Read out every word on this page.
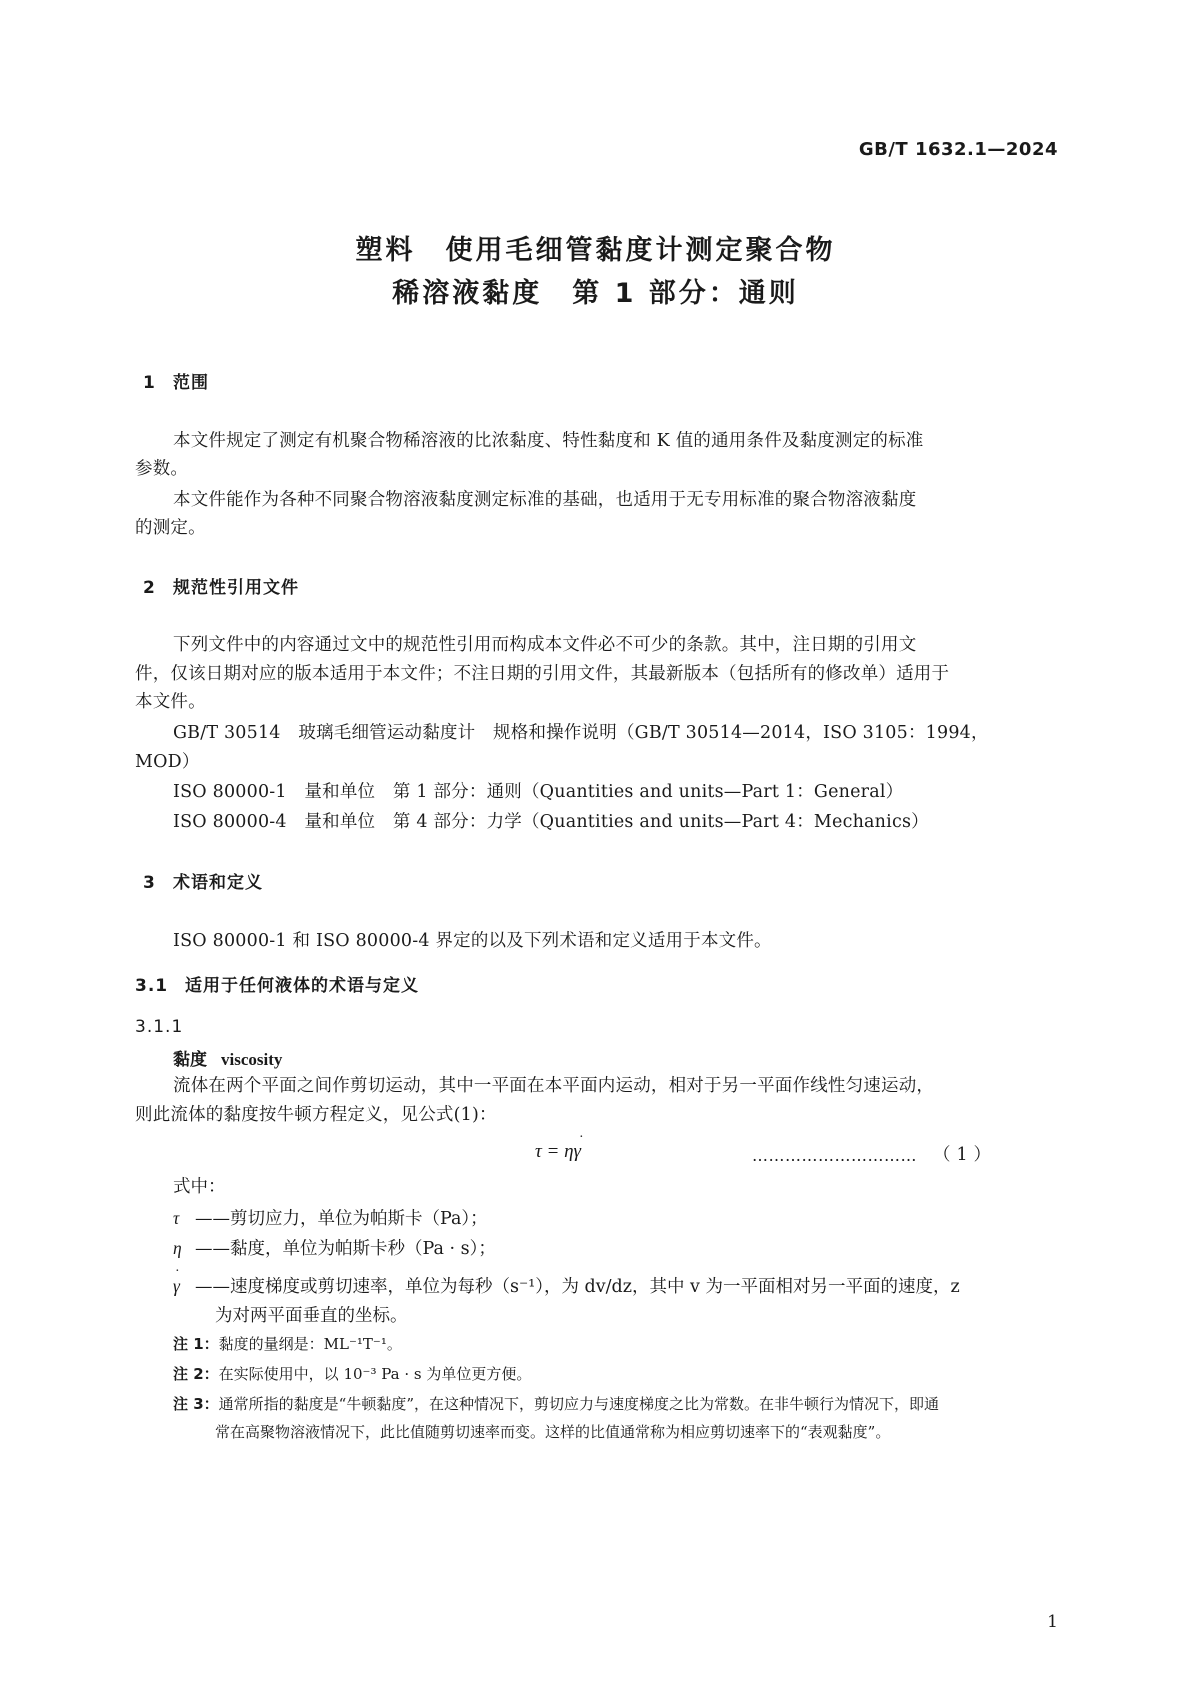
GB/T 1632.1—2024
塑料　使用毛细管黏度计测定聚合物
稀溶液黏度　第 1 部分：通则
1 范围
本文件规定了测定有机聚合物稀溶液的比浓黏度、特性黏度和 K 值的通用条件及黏度测定的标准
参数。
本文件能作为各种不同聚合物溶液黏度测定标准的基础，也适用于无专用标准的聚合物溶液黏度
的测定。
2 规范性引用文件
下列文件中的内容通过文中的规范性引用而构成本文件必不可少的条款。其中，注日期的引用文
件，仅该日期对应的版本适用于本文件；不注日期的引用文件，其最新版本（包括所有的修改单）适用于
本文件。
GB/T 30514　玻璃毛细管运动黏度计　规格和操作说明（GB/T 30514—2014，ISO 3105：1994，
MOD）
ISO 80000-1　量和单位　第 1 部分：通则（Quantities and units—Part 1：General）
ISO 80000-4　量和单位　第 4 部分：力学（Quantities and units—Part 4：Mechanics）
3 术语和定义
ISO 80000-1 和 ISO 80000-4 界定的以及下列术语和定义适用于本文件。
3.1 适用于任何液体的术语与定义
3.1.1
黏度 viscosity
流体在两个平面之间作剪切运动，其中一平面在本平面内运动，相对于另一平面作线性匀速运动，
则此流体的黏度按牛顿方程定义，见公式(1)：
τ = ηγ
·
………………………… （ 1 ）
式中：
τ ——剪切应力，单位为帕斯卡（Pa）；
η ——黏度，单位为帕斯卡秒（Pa · s）；
γ
·
——速度梯度或剪切速率，单位为每秒（s⁻¹），为 dv/dz，其中 v 为一平面相对另一平面的速度，z
为对两平面垂直的坐标。
注 1：黏度的量纲是：ML⁻¹T⁻¹。
注 2：在实际使用中，以 10⁻³ Pa · s 为单位更方便。
注 3：通常所指的黏度是“牛顿黏度”，在这种情况下，剪切应力与速度梯度之比为常数。在非牛顿行为情况下，即通
常在高聚物溶液情况下，此比值随剪切速率而变。这样的比值通常称为相应剪切速率下的“表观黏度”。
1
